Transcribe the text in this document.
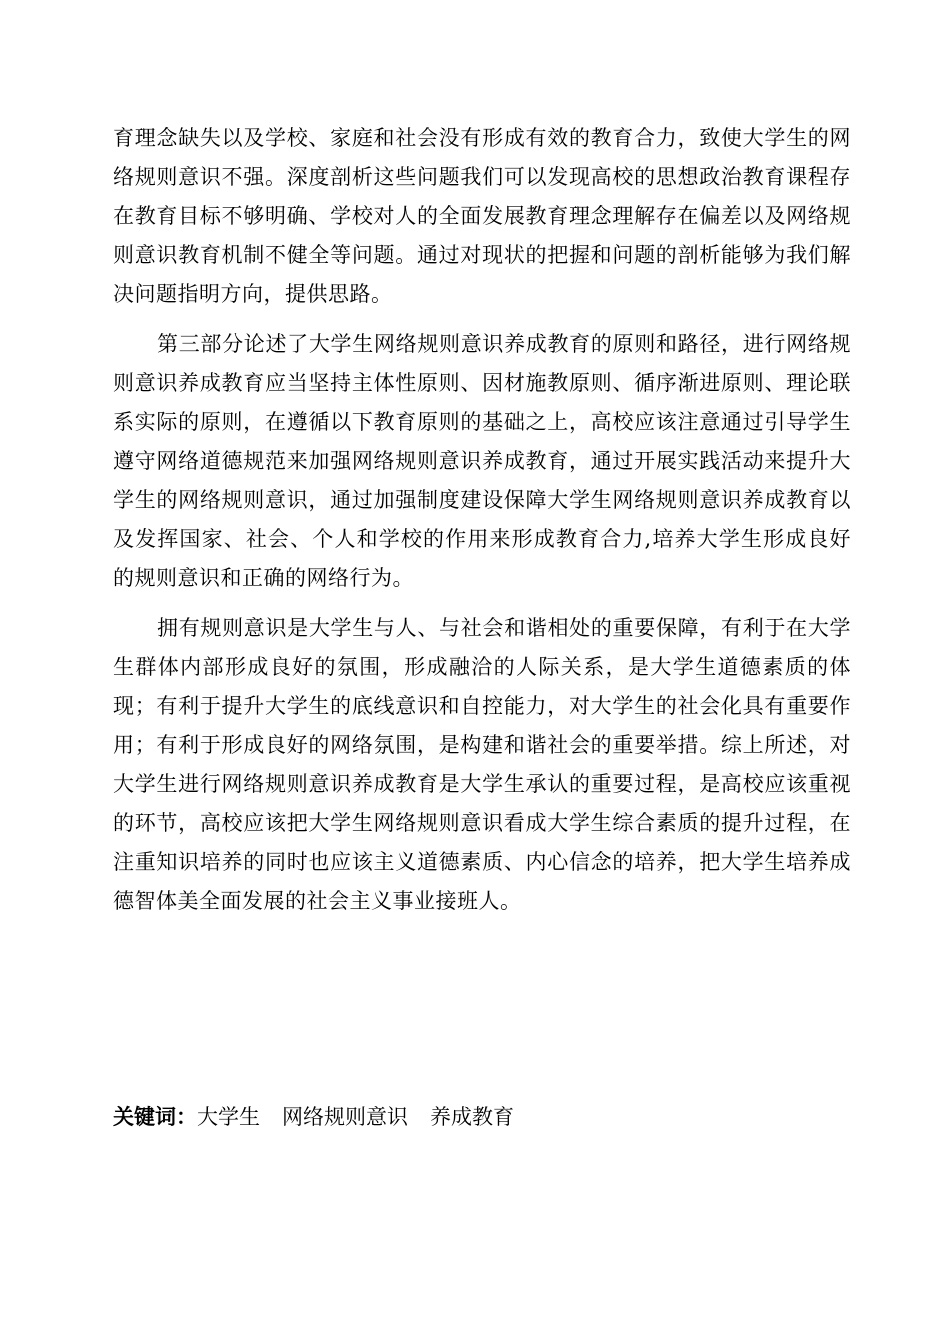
育理念缺失以及学校、家庭和社会没有形成有效的教育合力，致使大学生的网络规则意识不强。深度剖析这些问题我们可以发现高校的思想政治教育课程存在教育目标不够明确、学校对人的全面发展教育理念理解存在偏差以及网络规则意识教育机制不健全等问题。通过对现状的把握和问题的剖析能够为我们解决问题指明方向，提供思路。

第三部分论述了大学生网络规则意识养成教育的原则和路径，进行网络规则意识养成教育应当坚持主体性原则、因材施教原则、循序渐进原则、理论联系实际的原则，在遵循以下教育原则的基础之上，高校应该注意通过引导学生遵守网络道德规范来加强网络规则意识养成教育，通过开展实践活动来提升大学生的网络规则意识，通过加强制度建设保障大学生网络规则意识养成教育以及发挥国家、社会、个人和学校的作用来形成教育合力,培养大学生形成良好的规则意识和正确的网络行为。

拥有规则意识是大学生与人、与社会和谐相处的重要保障，有利于在大学生群体内部形成良好的氛围，形成融洽的人际关系，是大学生道德素质的体现；有利于提升大学生的底线意识和自控能力，对大学生的社会化具有重要作用；有利于形成良好的网络氛围，是构建和谐社会的重要举措。综上所述，对大学生进行网络规则意识养成教育是大学生承认的重要过程，是高校应该重视的环节，高校应该把大学生网络规则意识看成大学生综合素质的提升过程，在注重知识培养的同时也应该主义道德素质、内心信念的培养，把大学生培养成德智体美全面发展的社会主义事业接班人。

关键词：大学生 网络规则意识 养成教育
